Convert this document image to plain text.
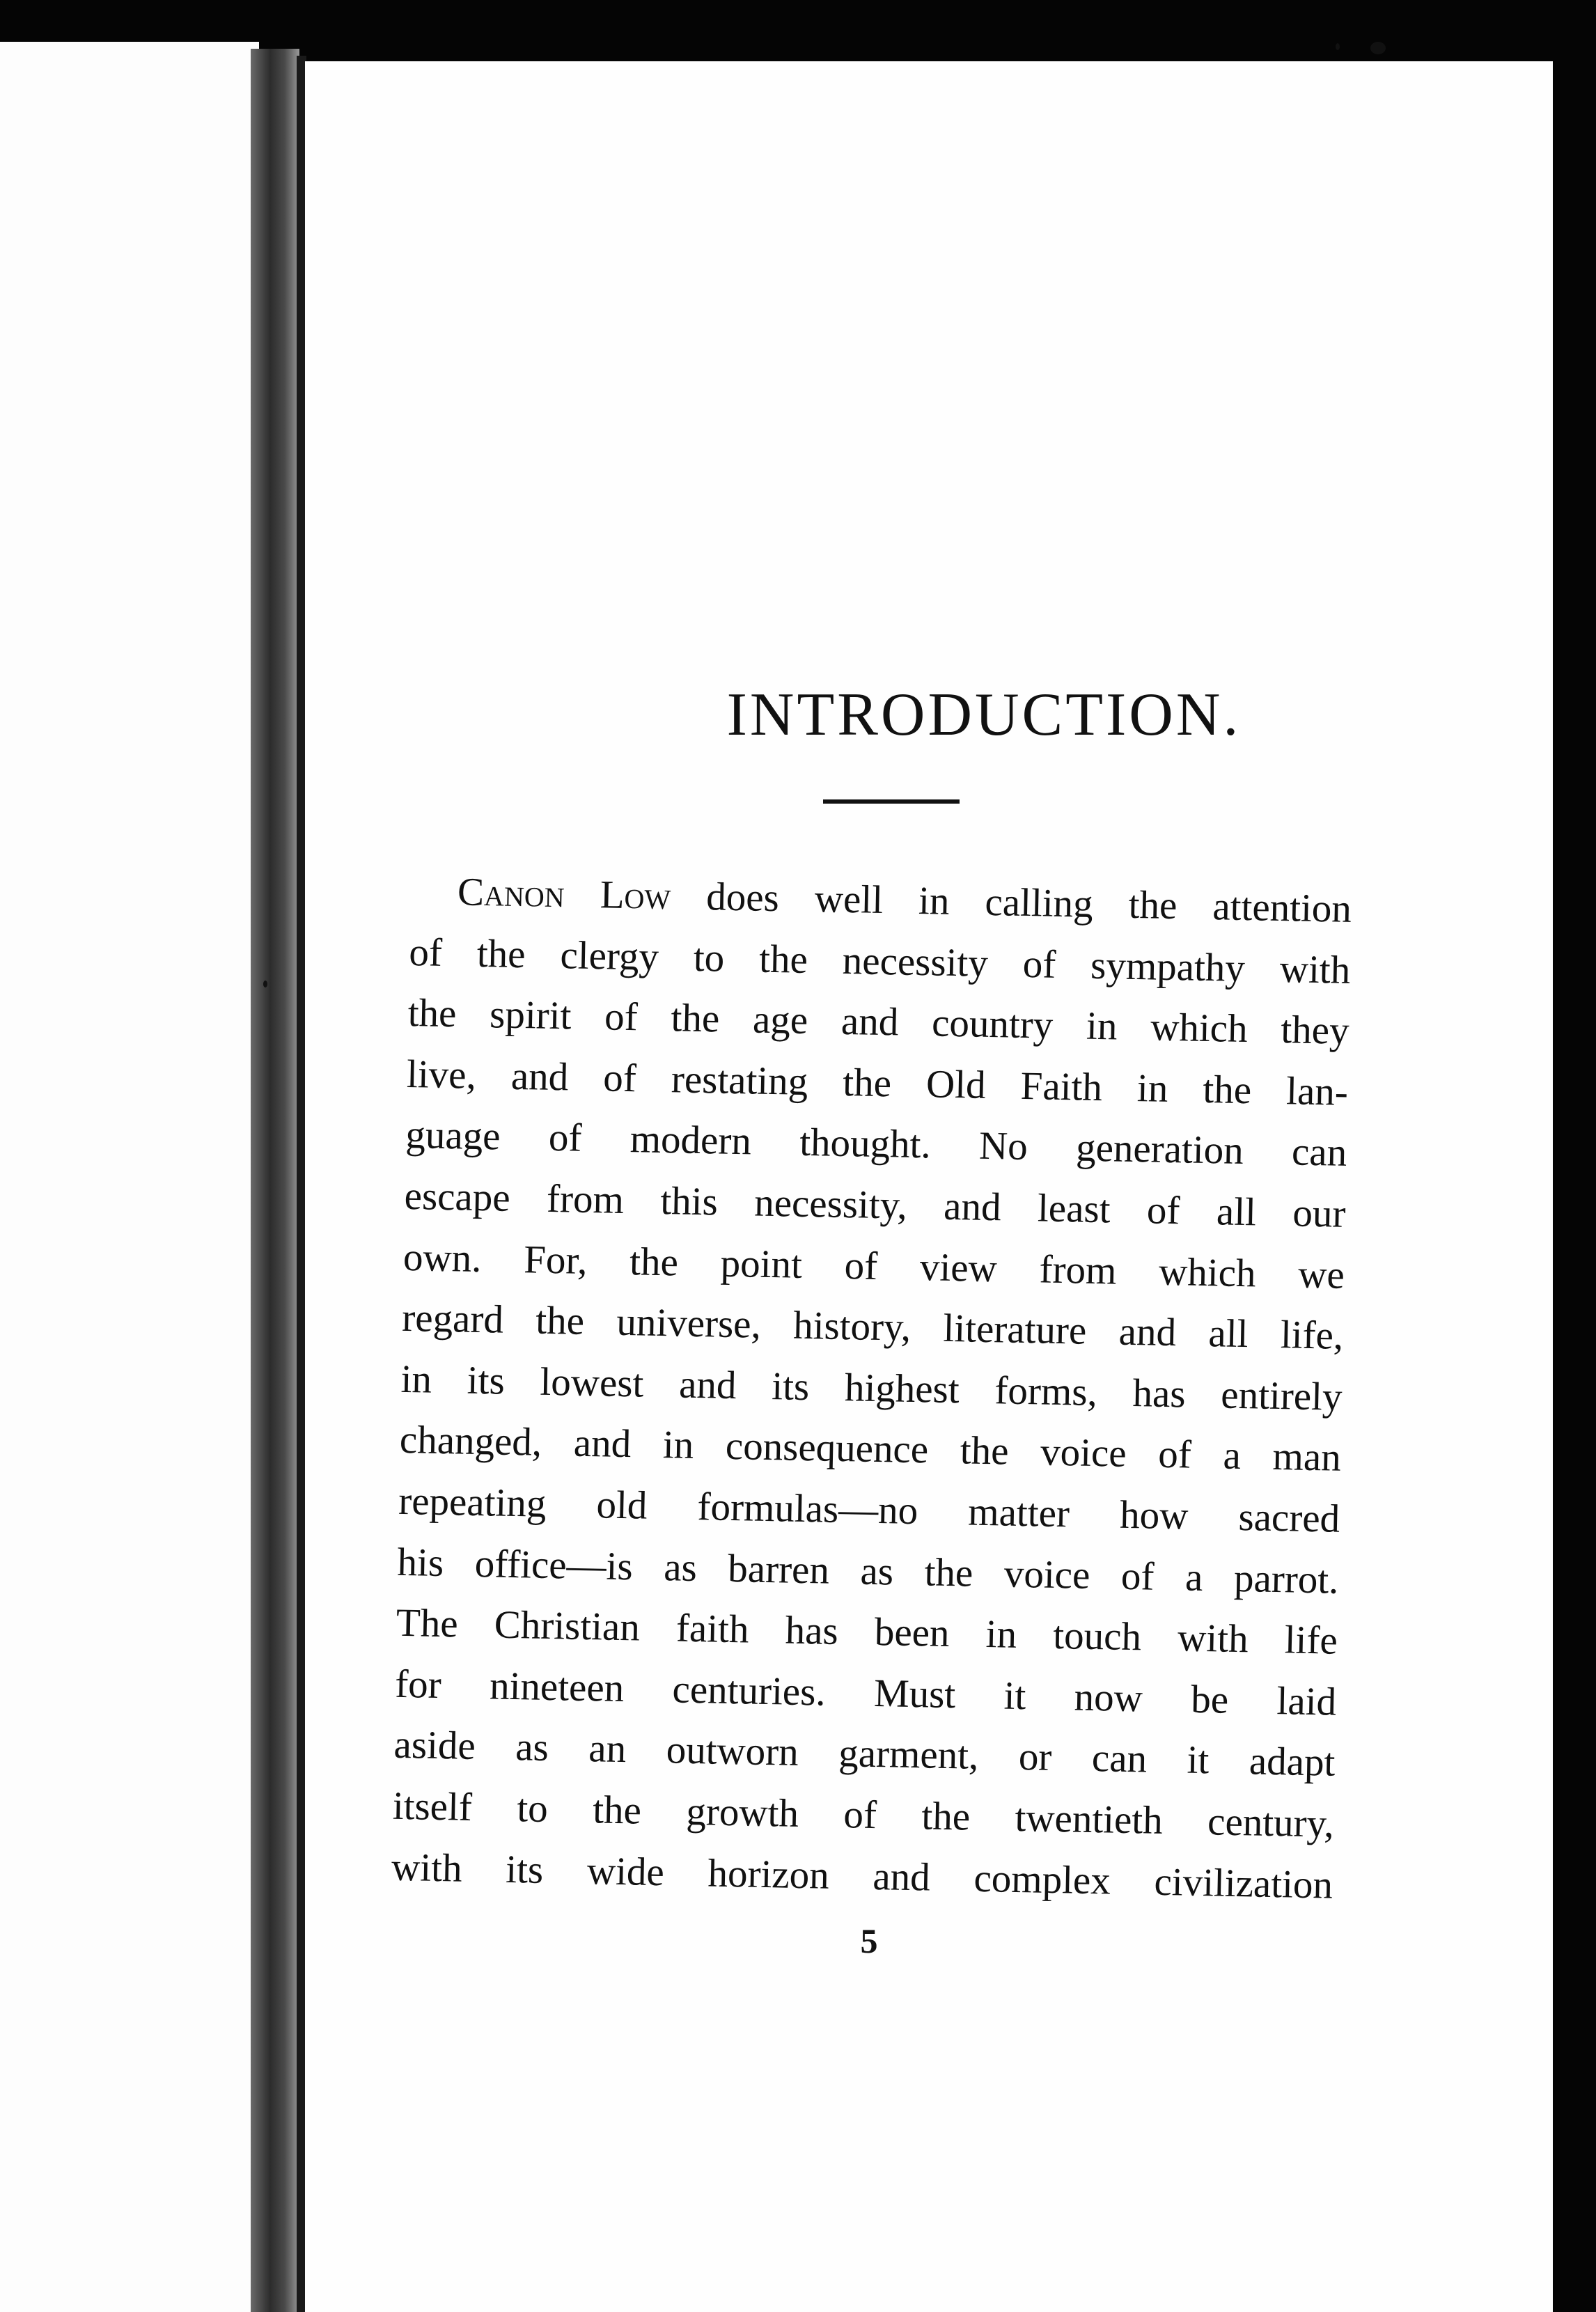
INTRODUCTION.
Canon Low does well in calling the attention
of the clergy to the necessity of sympathy with
the spirit of the age and country in which they
live, and of restating the Old Faith in the lan-
guage of modern thought. No generation can
escape from this necessity, and least of all our
own. For, the point of view from which we
regard the universe, history, literature and all life,
in its lowest and its highest forms, has entirely
changed, and in consequence the voice of a man
repeating old formulas—no matter how sacred
his office—is as barren as the voice of a parrot.
The Christian faith has been in touch with life
for nineteen centuries. Must it now be laid
aside as an outworn garment, or can it adapt
itself to the growth of the twentieth century,
with its wide horizon and complex civilization

5
